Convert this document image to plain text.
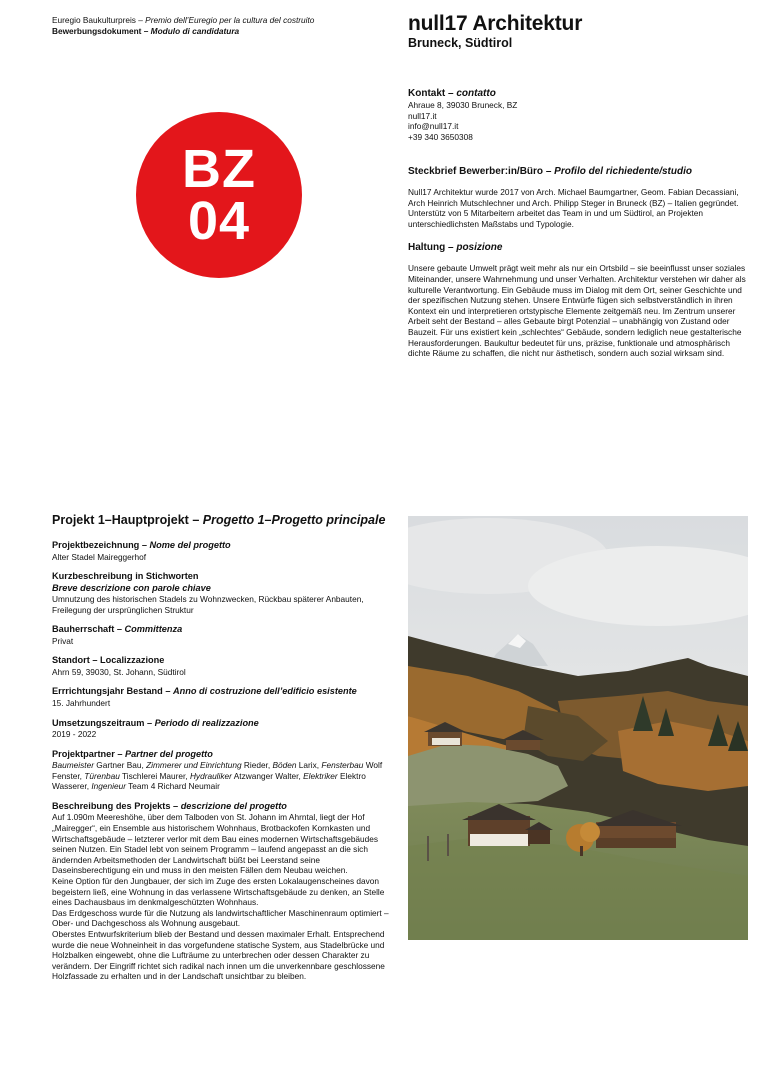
Euregio Baukulturpreis – Premio dell’Euregio per la cultura del costruito
Bewerbungsdokument – Modulo di candidatura	null17 Architektur
Bruneck, Südtirol
BZ
04
Kontakt – contatto
Ahraue 8, 39030 Bruneck, BZ
null17.it
info@null17.it
+39 340 3650308
Steckbrief Bewerber:in/Büro – Profilo del richiedente/studio

Null17 Architektur wurde 2017 von Arch. Michael Baumgartner, Geom. Fabian Decassiani, Arch Heinrich Mutschlechner und Arch. Philipp Steger in Bruneck (BZ) – Italien gegründet. Unterstütz von 5 Mitarbeitern arbeitet das Team in und um Südtirol, an Projekten unterschiedlichsten Maßstabs und Typologie.

Haltung – posizione

Unsere gebaute Umwelt prägt weit mehr als nur ein Ortsbild – sie beeinflusst unser soziales Miteinander, unsere Wahrnehmung und unser Verhalten. Architektur verstehen wir daher als kulturelle Verantwortung. Ein Gebäude muss im Dialog mit dem Ort, seiner Geschichte und der spezifischen Nutzung stehen. Unsere Entwürfe fügen sich selbstverständlich in ihren Kontext ein und interpretieren ortstypische Elemente zeitgemäß neu. Im Zentrum unserer Arbeit seht der Bestand – alles Gebaute birgt Potenzial – unabhängig von Zustand oder Bauzeit. Für uns existiert kein „schlechtes“ Gebäude, sondern lediglich neue gestalterische Herausforderungen. Baukultur bedeutet für uns, präzise, funktionale und atmosphärisch dichte Räume zu schaffen, die nicht nur ästhetisch, sondern auch sozial wirksam sind.

Projekt 1–Hauptprojekt – Progetto 1–Progetto principale
Projektbezeichnung – Nome del progetto
Alter Stadel Maireggerhof
Kurzbeschreibung in Stichworten
Breve descrizione con parole chiave
Umnutzung des historischen Stadels zu Wohnzwecken, Rückbau späterer Anbauten, Freilegung der ursprünglichen Struktur
Bauherrschaft – Committenza
Privat
Standort – Localizzazione
Ahrn 59, 39030, St. Johann, Südtirol
Errrichtungsjahr Bestand – Anno di costruzione dell’edificio esistente
15. Jahrhundert
Umsetzungszeitraum – Periodo di realizzazione
2019 - 2022
Projektpartner – Partner del progetto
Baumeister Gartner Bau, Zimmerer und Einrichtung Rieder, Böden Larix, Fensterbau Wolf Fenster, Türenbau Tischlerei Maurer, Hydrauliker Atzwanger Walter, Elektriker Elektro Wasserer, Ingenieur Team 4 Richard Neumair
Beschreibung des Projekts – descrizione del progetto
Auf 1.090m Meereshöhe, über dem Talboden von St. Johann im Ahrntal, liegt der Hof „Mairegger“, ein Ensemble aus historischem Wohnhaus, Brotbackofen Kornkasten und Wirtschaftsgebäude – letzterer verlor mit dem Bau eines modernen Wirtschaftsgebäudes seinen Nutzen. Ein Stadel lebt von seinem Programm – laufend angepasst an die sich ändernden Arbeitsmethoden der Landwirtschaft büßt bei Leerstand seine Daseinsberechtigung ein und muss in den meisten Fällen dem Neubau weichen.
Keine Option für den Jungbauer, der sich im Zuge des ersten Lokalaugenscheines davon begeistern ließ, eine Wohnung in das verlassene Wirtschaftsgebäude zu denken, an Stelle eines Dachausbaus im denkmalgeschützten Wohnhaus.
Das Erdgeschoss wurde für die Nutzung als landwirtschaftlicher Maschinenraum optimiert – Ober- und Dachgeschoss als Wohnung ausgebaut.
Oberstes Entwurfskriterium blieb der Bestand und dessen maximaler Erhalt. Entsprechend wurde die neue Wohneinheit in das vorgefundene statische System, aus Stadelbrücke und Holzbalken eingewebt, ohne die Lufträume zu unterbrechen oder dessen Charakter zu verändern. Der Eingriff richtet sich radikal nach innen um die unverkennbare geschlossene Holzfassade zu erhalten und in der Landschaft unsichtbar zu bleiben.
